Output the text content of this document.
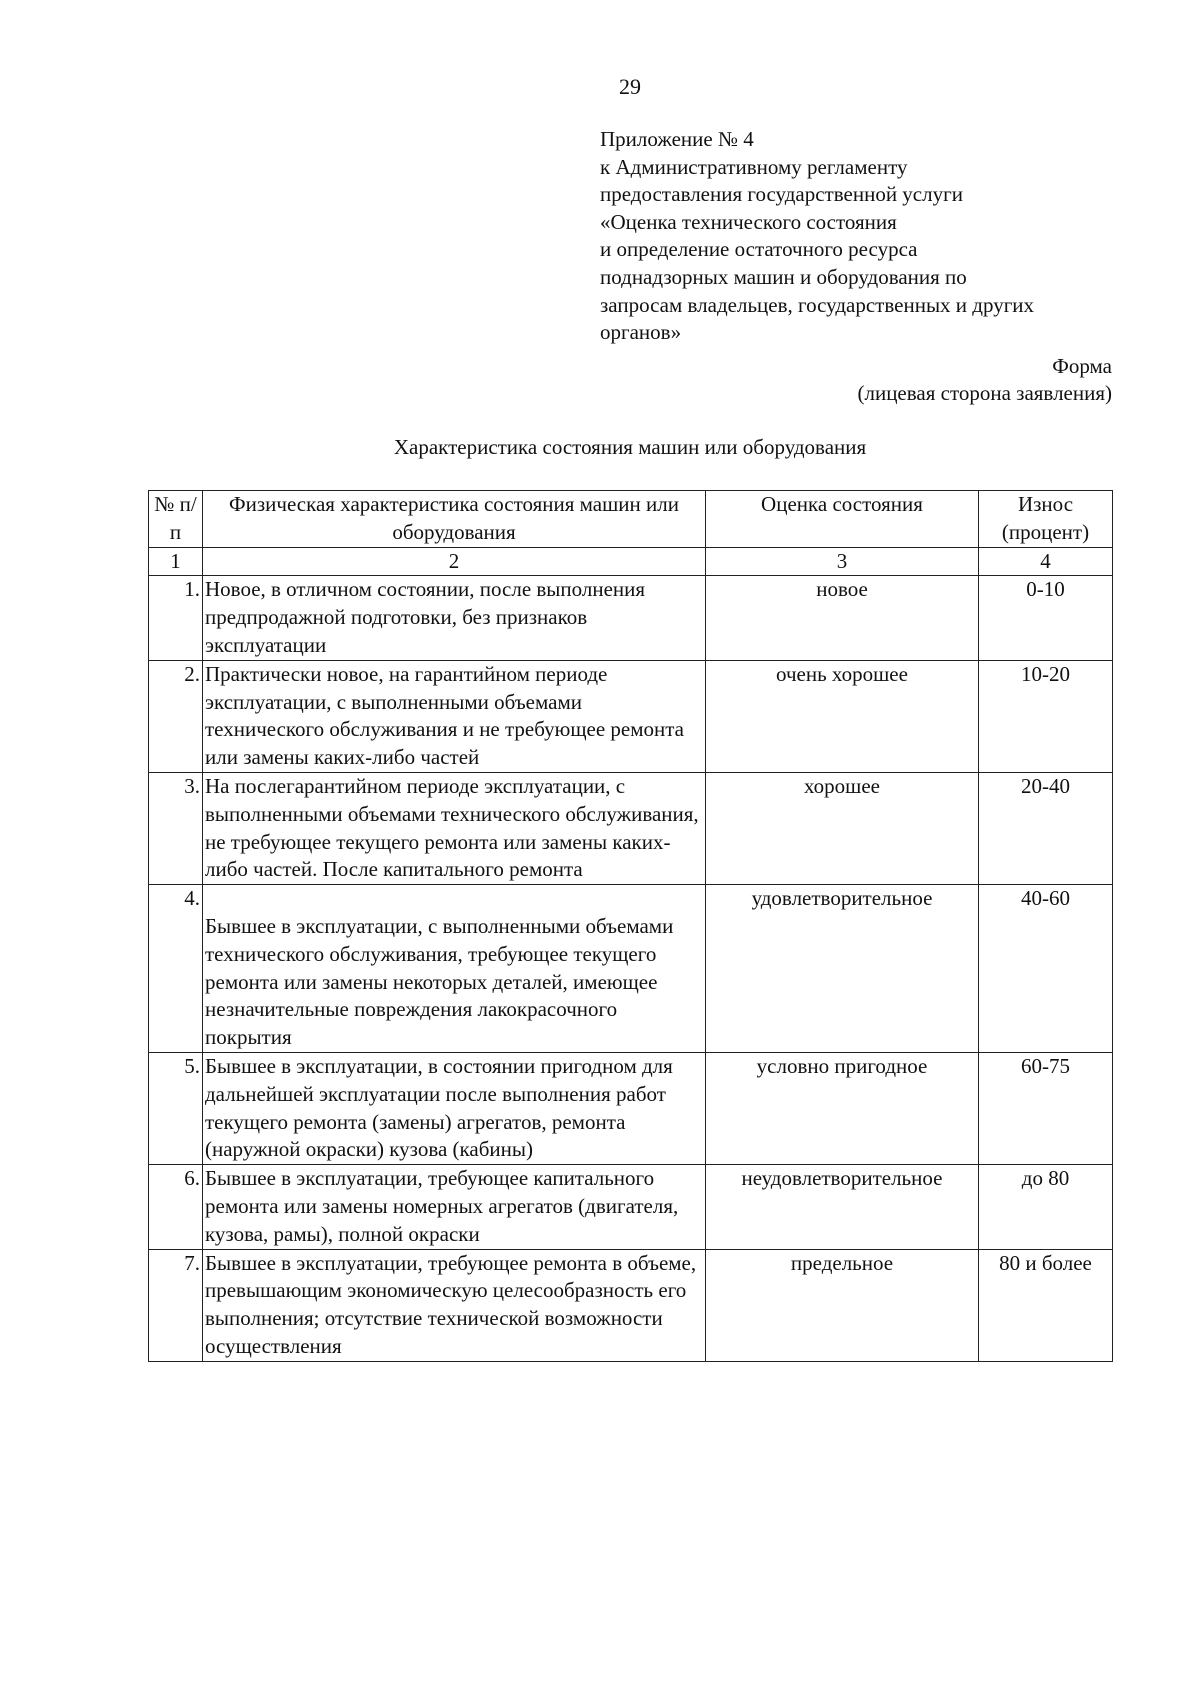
29
Приложение № 4
к Административному регламенту
предоставления государственной услуги
«Оценка технического состояния
и определение остаточного ресурса
поднадзорных машин и оборудования по
запросам владельцев, государственных и других
органов»
Форма
(лицевая сторона заявления)
Характеристика состояния машин или оборудования
№ п/п	Физическая характеристика состояния машин или оборудования	Оценка состояния	Износ (процент)
1	2	3	4
1.	Новое, в отличном состоянии, после выполнения предпродажной подготовки, без признаков эксплуатации	новое	0-10
2.	Практически новое, на гарантийном периоде эксплуатации, с выполненными объемами технического обслуживания и не требующее ремонта или замены каких-либо частей	очень хорошее	10-20
3.	На послегарантийном периоде эксплуатации, с выполненными объемами технического обслуживания, не требующее текущего ремонта или замены каких-либо частей. После капитального ремонта	хорошее	20-40
4.	Бывшее в эксплуатации, с выполненными объемами технического обслуживания, требующее текущего ремонта или замены некоторых деталей, имеющее незначительные повреждения лакокрасочного покрытия	удовлетворительное	40-60
5.	Бывшее в эксплуатации, в состоянии пригодном для дальнейшей эксплуатации после выполнения работ текущего ремонта (замены) агрегатов, ремонта (наружной окраски) кузова (кабины)	условно пригодное	60-75
6.	Бывшее в эксплуатации, требующее капитального ремонта или замены номерных агрегатов (двигателя, кузова, рамы), полной окраски	неудовлетворительное	до 80
7.	Бывшее в эксплуатации, требующее ремонта в объеме, превышающим экономическую целесообразность его выполнения; отсутствие технической возможности осуществления	предельное	80 и более
